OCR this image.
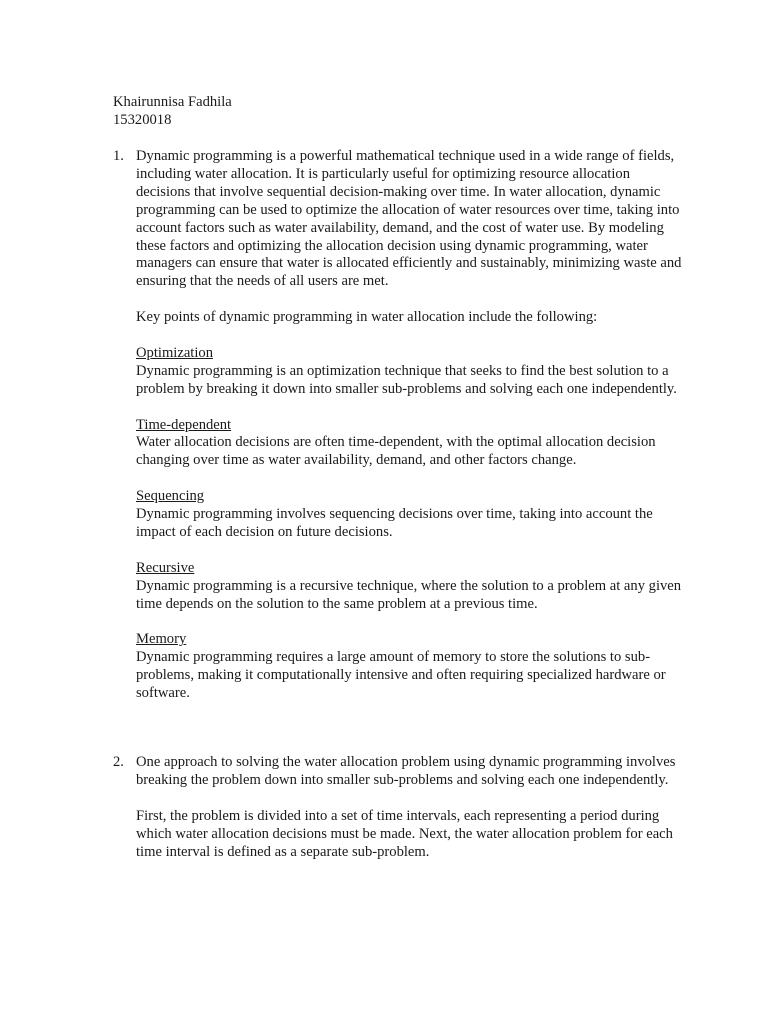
Khairunnisa Fadhila
15320018
1. Dynamic programming is a powerful mathematical technique used in a wide range of fields, including water allocation. It is particularly useful for optimizing resource allocation decisions that involve sequential decision-making over time. In water allocation, dynamic programming can be used to optimize the allocation of water resources over time, taking into account factors such as water availability, demand, and the cost of water use. By modeling these factors and optimizing the allocation decision using dynamic programming, water managers can ensure that water is allocated efficiently and sustainably, minimizing waste and ensuring that the needs of all users are met.

Key points of dynamic programming in water allocation include the following:

Optimization

Dynamic programming is an optimization technique that seeks to find the best solution to a problem by breaking it down into smaller sub-problems and solving each one independently.

Time-dependent

Water allocation decisions are often time-dependent, with the optimal allocation decision changing over time as water availability, demand, and other factors change.

Sequencing

Dynamic programming involves sequencing decisions over time, taking into account the impact of each decision on future decisions.

Recursive

Dynamic programming is a recursive technique, where the solution to a problem at any given time depends on the solution to the same problem at a previous time.

Memory

Dynamic programming requires a large amount of memory to store the solutions to sub-problems, making it computationally intensive and often requiring specialized hardware or software.

2. One approach to solving the water allocation problem using dynamic programming involves breaking the problem down into smaller sub-problems and solving each one independently.

First, the problem is divided into a set of time intervals, each representing a period during which water allocation decisions must be made. Next, the water allocation problem for each time interval is defined as a separate sub-problem.
